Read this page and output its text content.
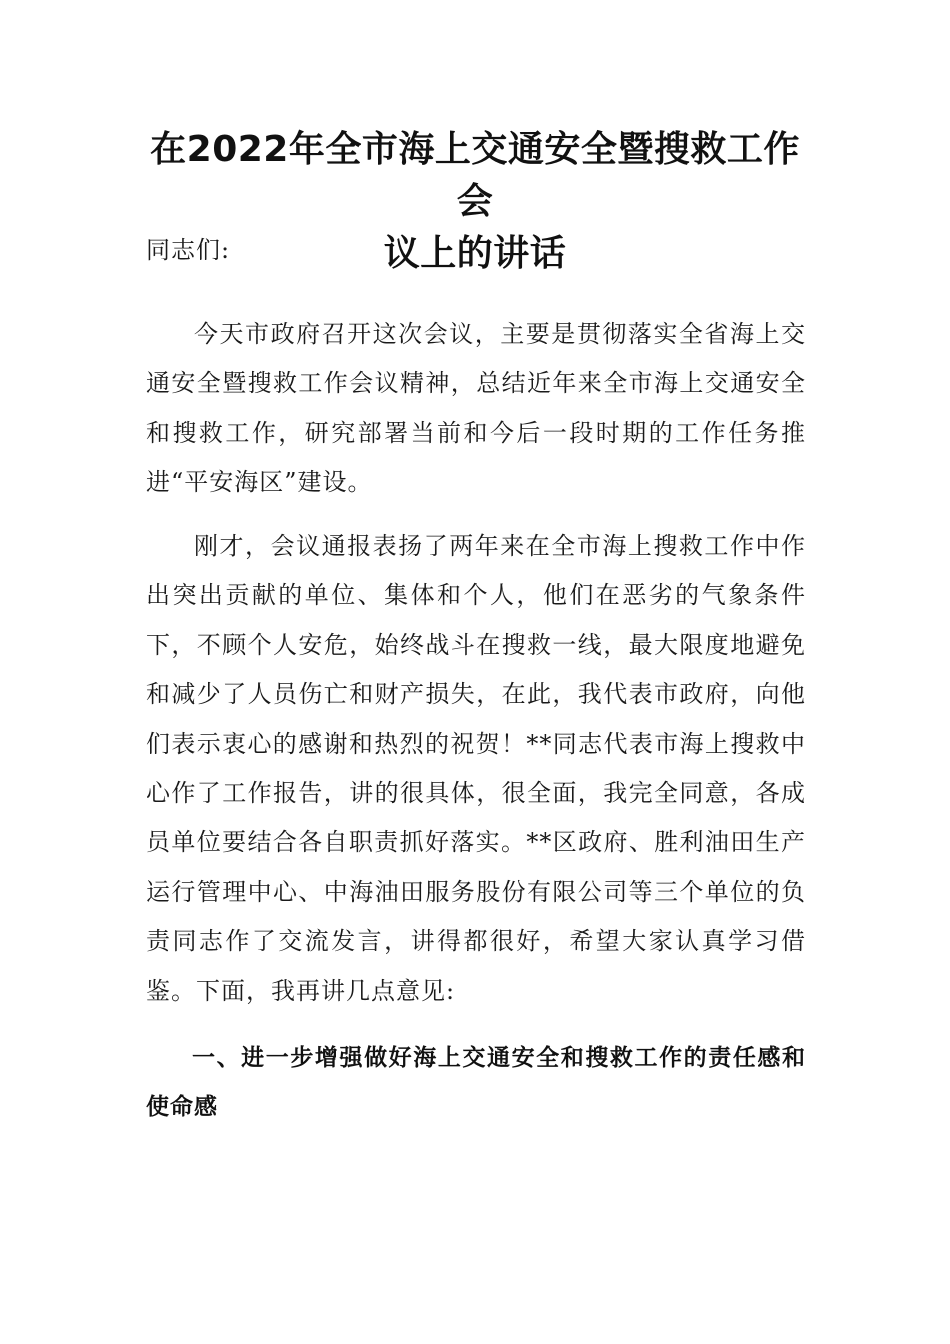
在2022年全市海上交通安全暨搜救工作会
议上的讲话

同志们:

今天市政府召开这次会议，主要是贯彻落实全省海上交通安全暨搜救工作会议精神，总结近年来全市海上交通安全和搜救工作，研究部署当前和今后一段时期的工作任务推进“平安海区”建设。

刚才，会议通报表扬了两年来在全市海上搜救工作中作出突出贡献的单位、集体和个人，他们在恶劣的气象条件下，不顾个人安危，始终战斗在搜救一线，最大限度地避免和减少了人员伤亡和财产损失，在此，我代表市政府，向他们表示衷心的感谢和热烈的祝贺！**同志代表市海上搜救中心作了工作报告，讲的很具体，很全面，我完全同意，各成员单位要结合各自职责抓好落实。**区政府、胜利油田生产运行管理中心、中海油田服务股份有限公司等三个单位的负责同志作了交流发言，讲得都很好，希望大家认真学习借鉴。下面，我再讲几点意见:

一、进一步增强做好海上交通安全和搜救工作的责任感和使命感
